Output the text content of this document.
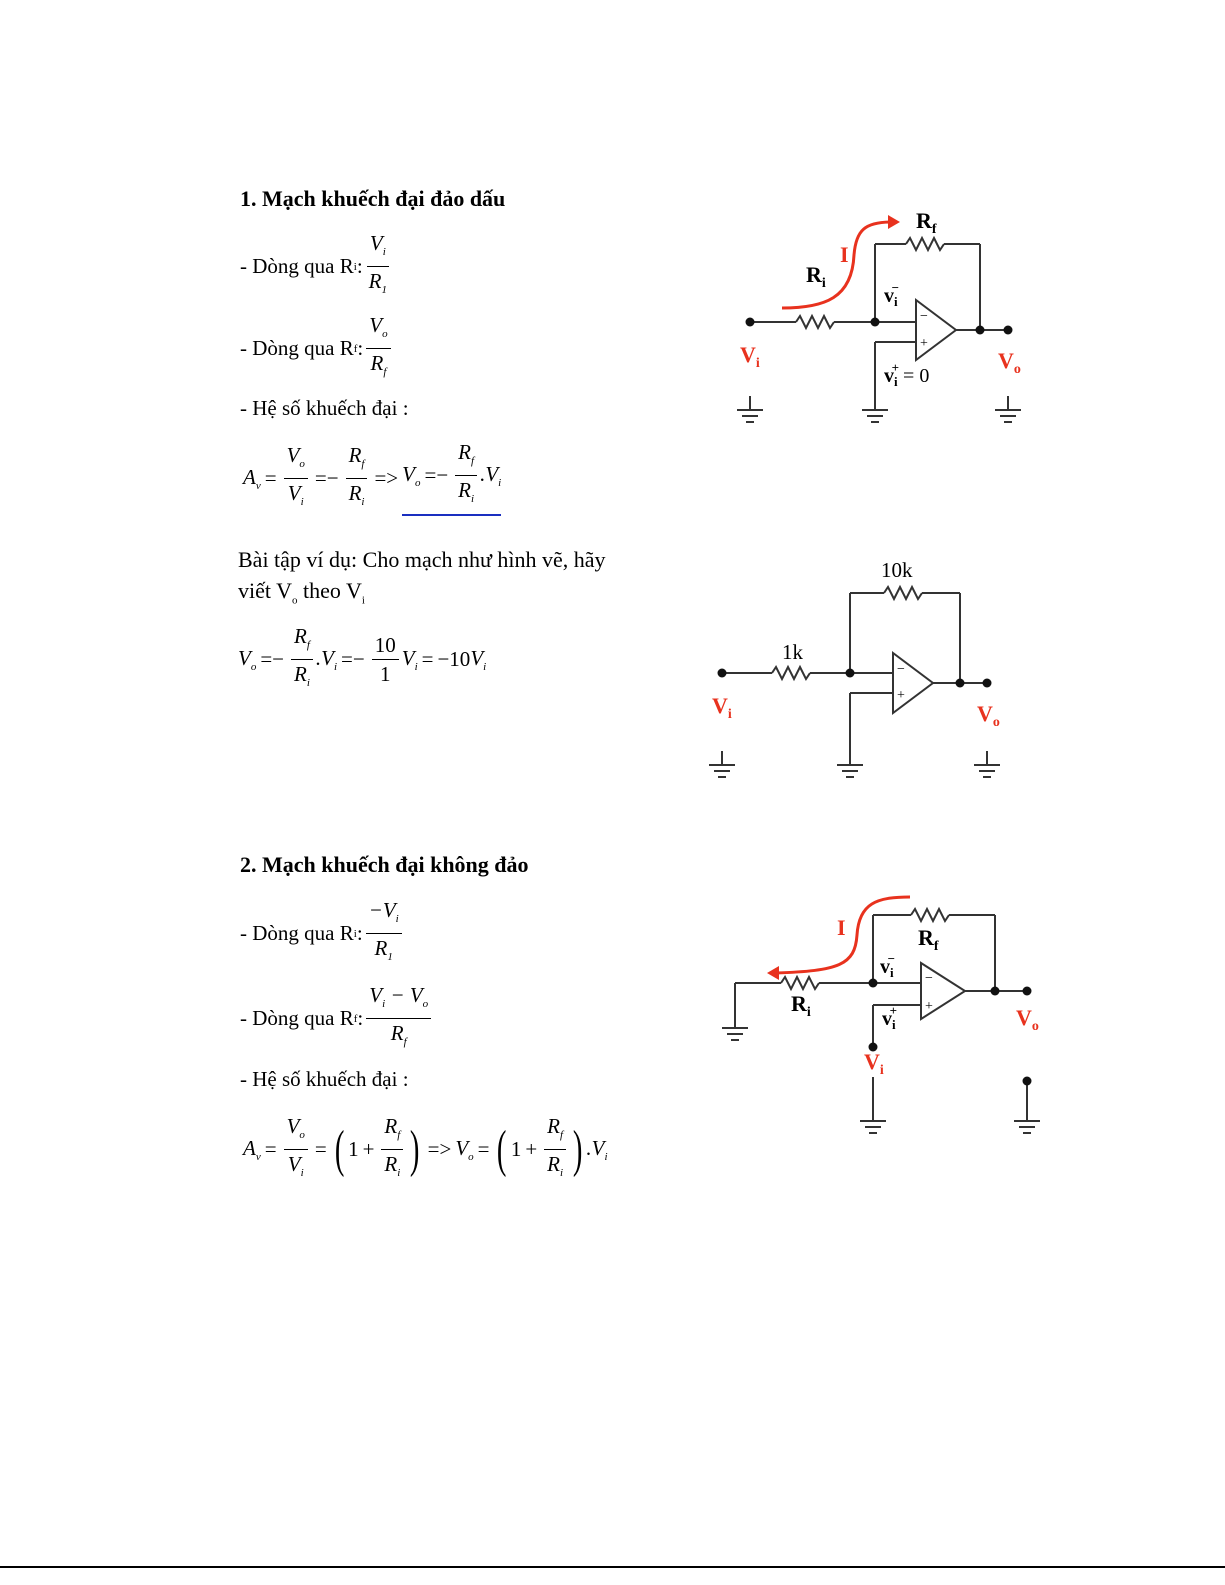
1. Mạch khuếch đại đảo dấu
- Dòng qua R i : $\frac{V_i}{R_1}$
- Dòng qua R f : $\frac{V_o}{R_f}$
- Hệ số khuếch đại :
$A_v = \frac{V_o}{V_i} =- \frac{R_f}{R_i} => V_o =- \frac{R_f}{R_i} .V_i$
Bài tập ví dụ: Cho mạch như hình vẽ, hãy
viết $V_o$ theo $V_i$
$V_o =- \frac{R_f}{R_i} .V_i =- \frac{10}{1} V_i = -10$ $V_i$
2. Mạch khuếch đại không đảo
- Dòng qua R i : $\frac{-V_i}{R_1}$
- Dòng qua R f : $\frac{V_i - V_o}{R_f}$
- Hệ số khuếch đại :
$A_v = \frac{V_o}{V_i}$ = ( $1 + \frac{R_f}{R_i}$ ) => $V_o$ = ( $1 + \frac{R_f}{R_i}$ ) $.V_i$
−
+
I
$R_f$
$R_i$
$v_i-$
$v_i+ = 0$
$V_i$	$V_o$
−
+
10k
1k
$V_i$	$V_o$
−
+
I	$R_f$
$R_i$
$v_i-$
$v_i+$
$V_i$
$V_o$
